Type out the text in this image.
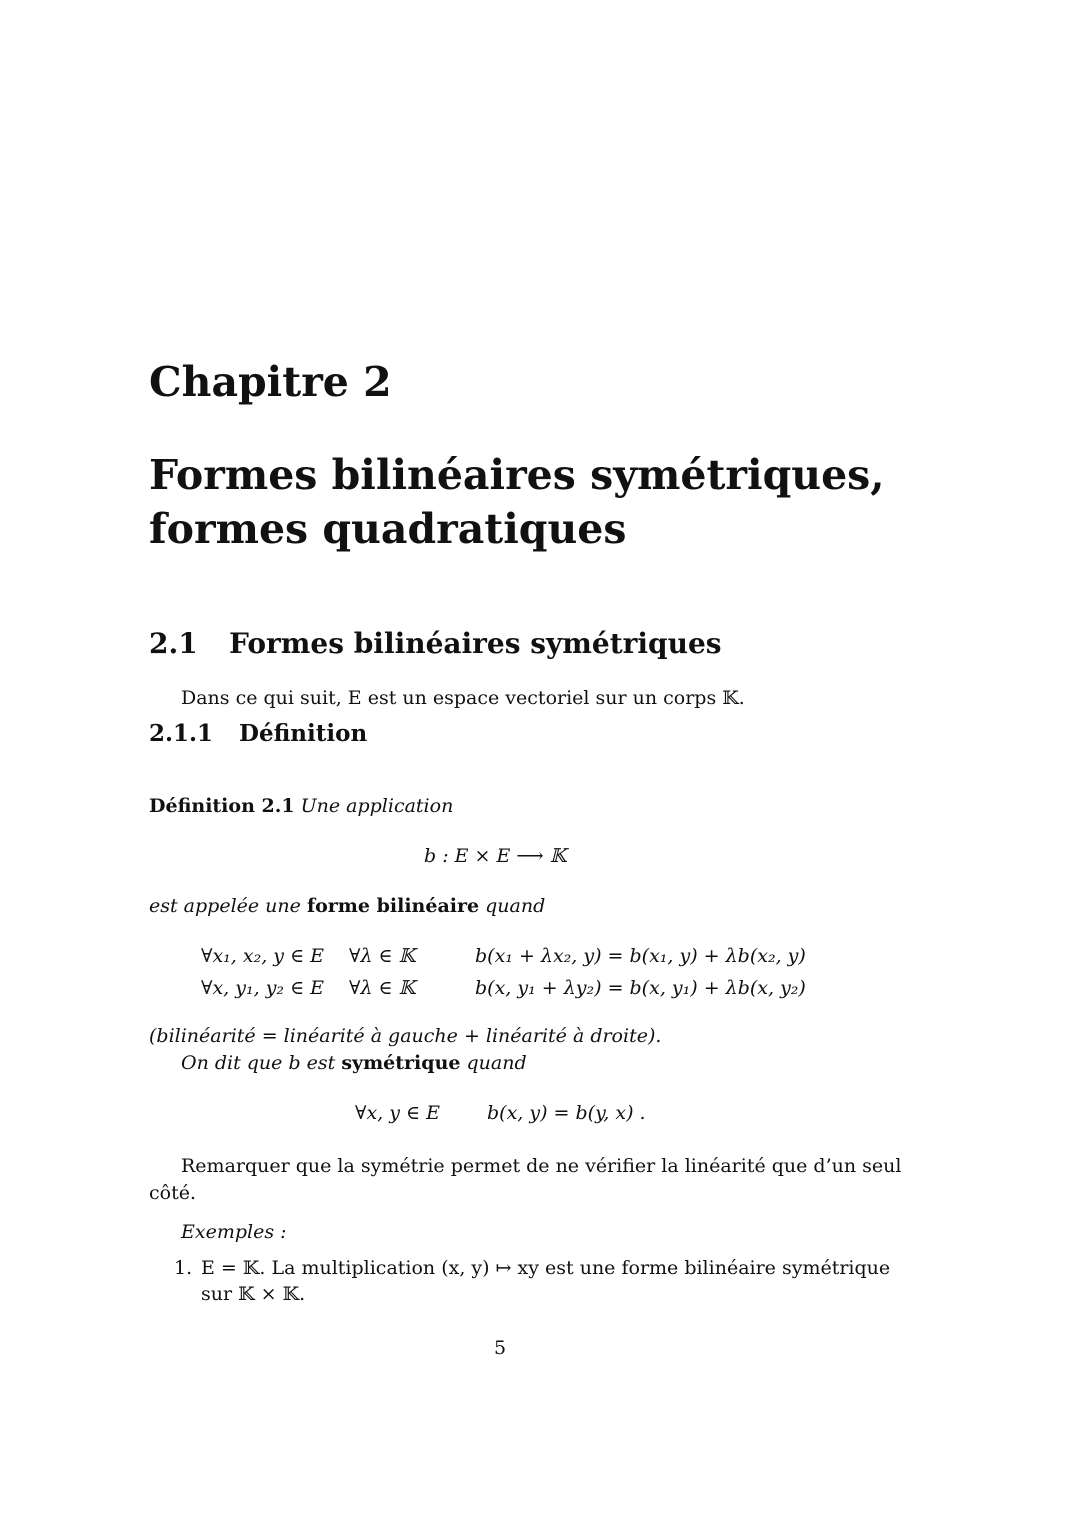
Chapitre 2
Formes bilinéaires symétriques,
formes quadratiques
2.1 Formes bilinéaires symétriques
Dans ce qui suit, E est un espace vectoriel sur un corps 𝕂.
2.1.1 Définition
Définition 2.1 Une application
b : E × E ⟶ 𝕂
est appelée une forme bilinéaire quand
∀x₁, x₂, y ∈ E ∀λ ∈ 𝕂	b(x₁ + λx₂, y) = b(x₁, y) + λb(x₂, y)
∀x, y₁, y₂ ∈ E ∀λ ∈ 𝕂	b(x, y₁ + λy₂) = b(x, y₁) + λb(x, y₂)
(bilinéarité = linéarité à gauche + linéarité à droite).
On dit que b est symétrique quand
∀x, y ∈ E b(x, y) = b(y, x) .
Remarquer que la symétrie permet de ne vérifier la linéarité que d’un seul
côté.
Exemples :
1. E = 𝕂. La multiplication (x, y) ↦ xy est une forme bilinéaire symétrique
sur 𝕂 × 𝕂.
5
